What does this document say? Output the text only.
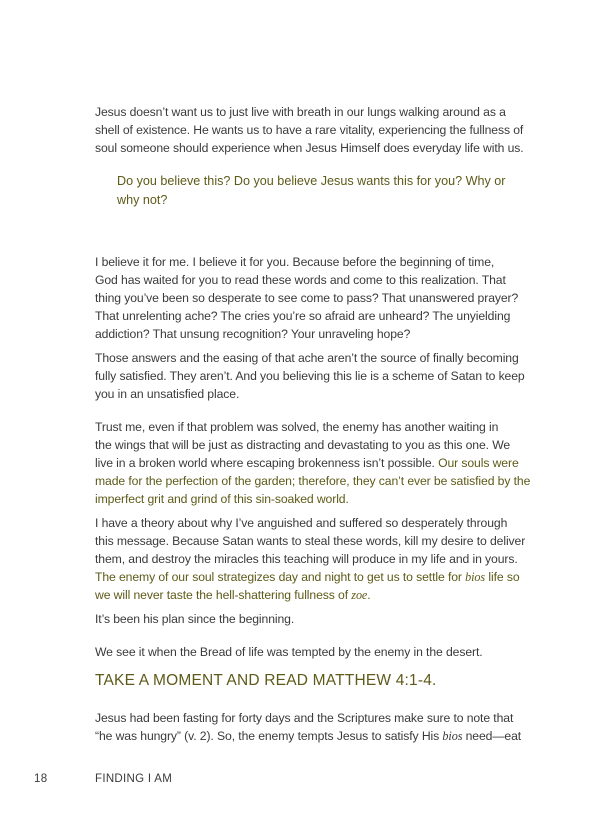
Jesus doesn’t want us to just live with breath in our lungs walking around as a
shell of existence. He wants us to have a rare vitality, experiencing the fullness of
soul someone should experience when Jesus Himself does everyday life with us.
Do you believe this? Do you believe Jesus wants this for you? Why or
why not?
I believe it for me. I believe it for you. Because before the beginning of time,
God has waited for you to read these words and come to this realization. That
thing you’ve been so desperate to see come to pass? That unanswered prayer?
That unrelenting ache? The cries you’re so afraid are unheard? The unyielding
addiction? That unsung recognition? Your unraveling hope?
Those answers and the easing of that ache aren’t the source of finally becoming
fully satisfied. They aren’t. And you believing this lie is a scheme of Satan to keep
you in an unsatisfied place.
Trust me, even if that problem was solved, the enemy has another waiting in
the wings that will be just as distracting and devastating to you as this one. We
live in a broken world where escaping brokenness isn’t possible. Our souls were
made for the perfection of the garden; therefore, they can’t ever be satisfied by the
imperfect grit and grind of this sin-soaked world.
I have a theory about why I’ve anguished and suffered so desperately through
this message. Because Satan wants to steal these words, kill my desire to deliver
them, and destroy the miracles this teaching will produce in my life and in yours.
The enemy of our soul strategizes day and night to get us to settle for bios life so
we will never taste the hell-shattering fullness of zoe.
It’s been his plan since the beginning.
We see it when the Bread of life was tempted by the enemy in the desert.
TAKE A MOMENT AND READ MATTHEW 4:1-4.
Jesus had been fasting for forty days and the Scriptures make sure to note that
“he was hungry” (v. 2). So, the enemy tempts Jesus to satisfy His bios need—eat
18	FINDING I AM
